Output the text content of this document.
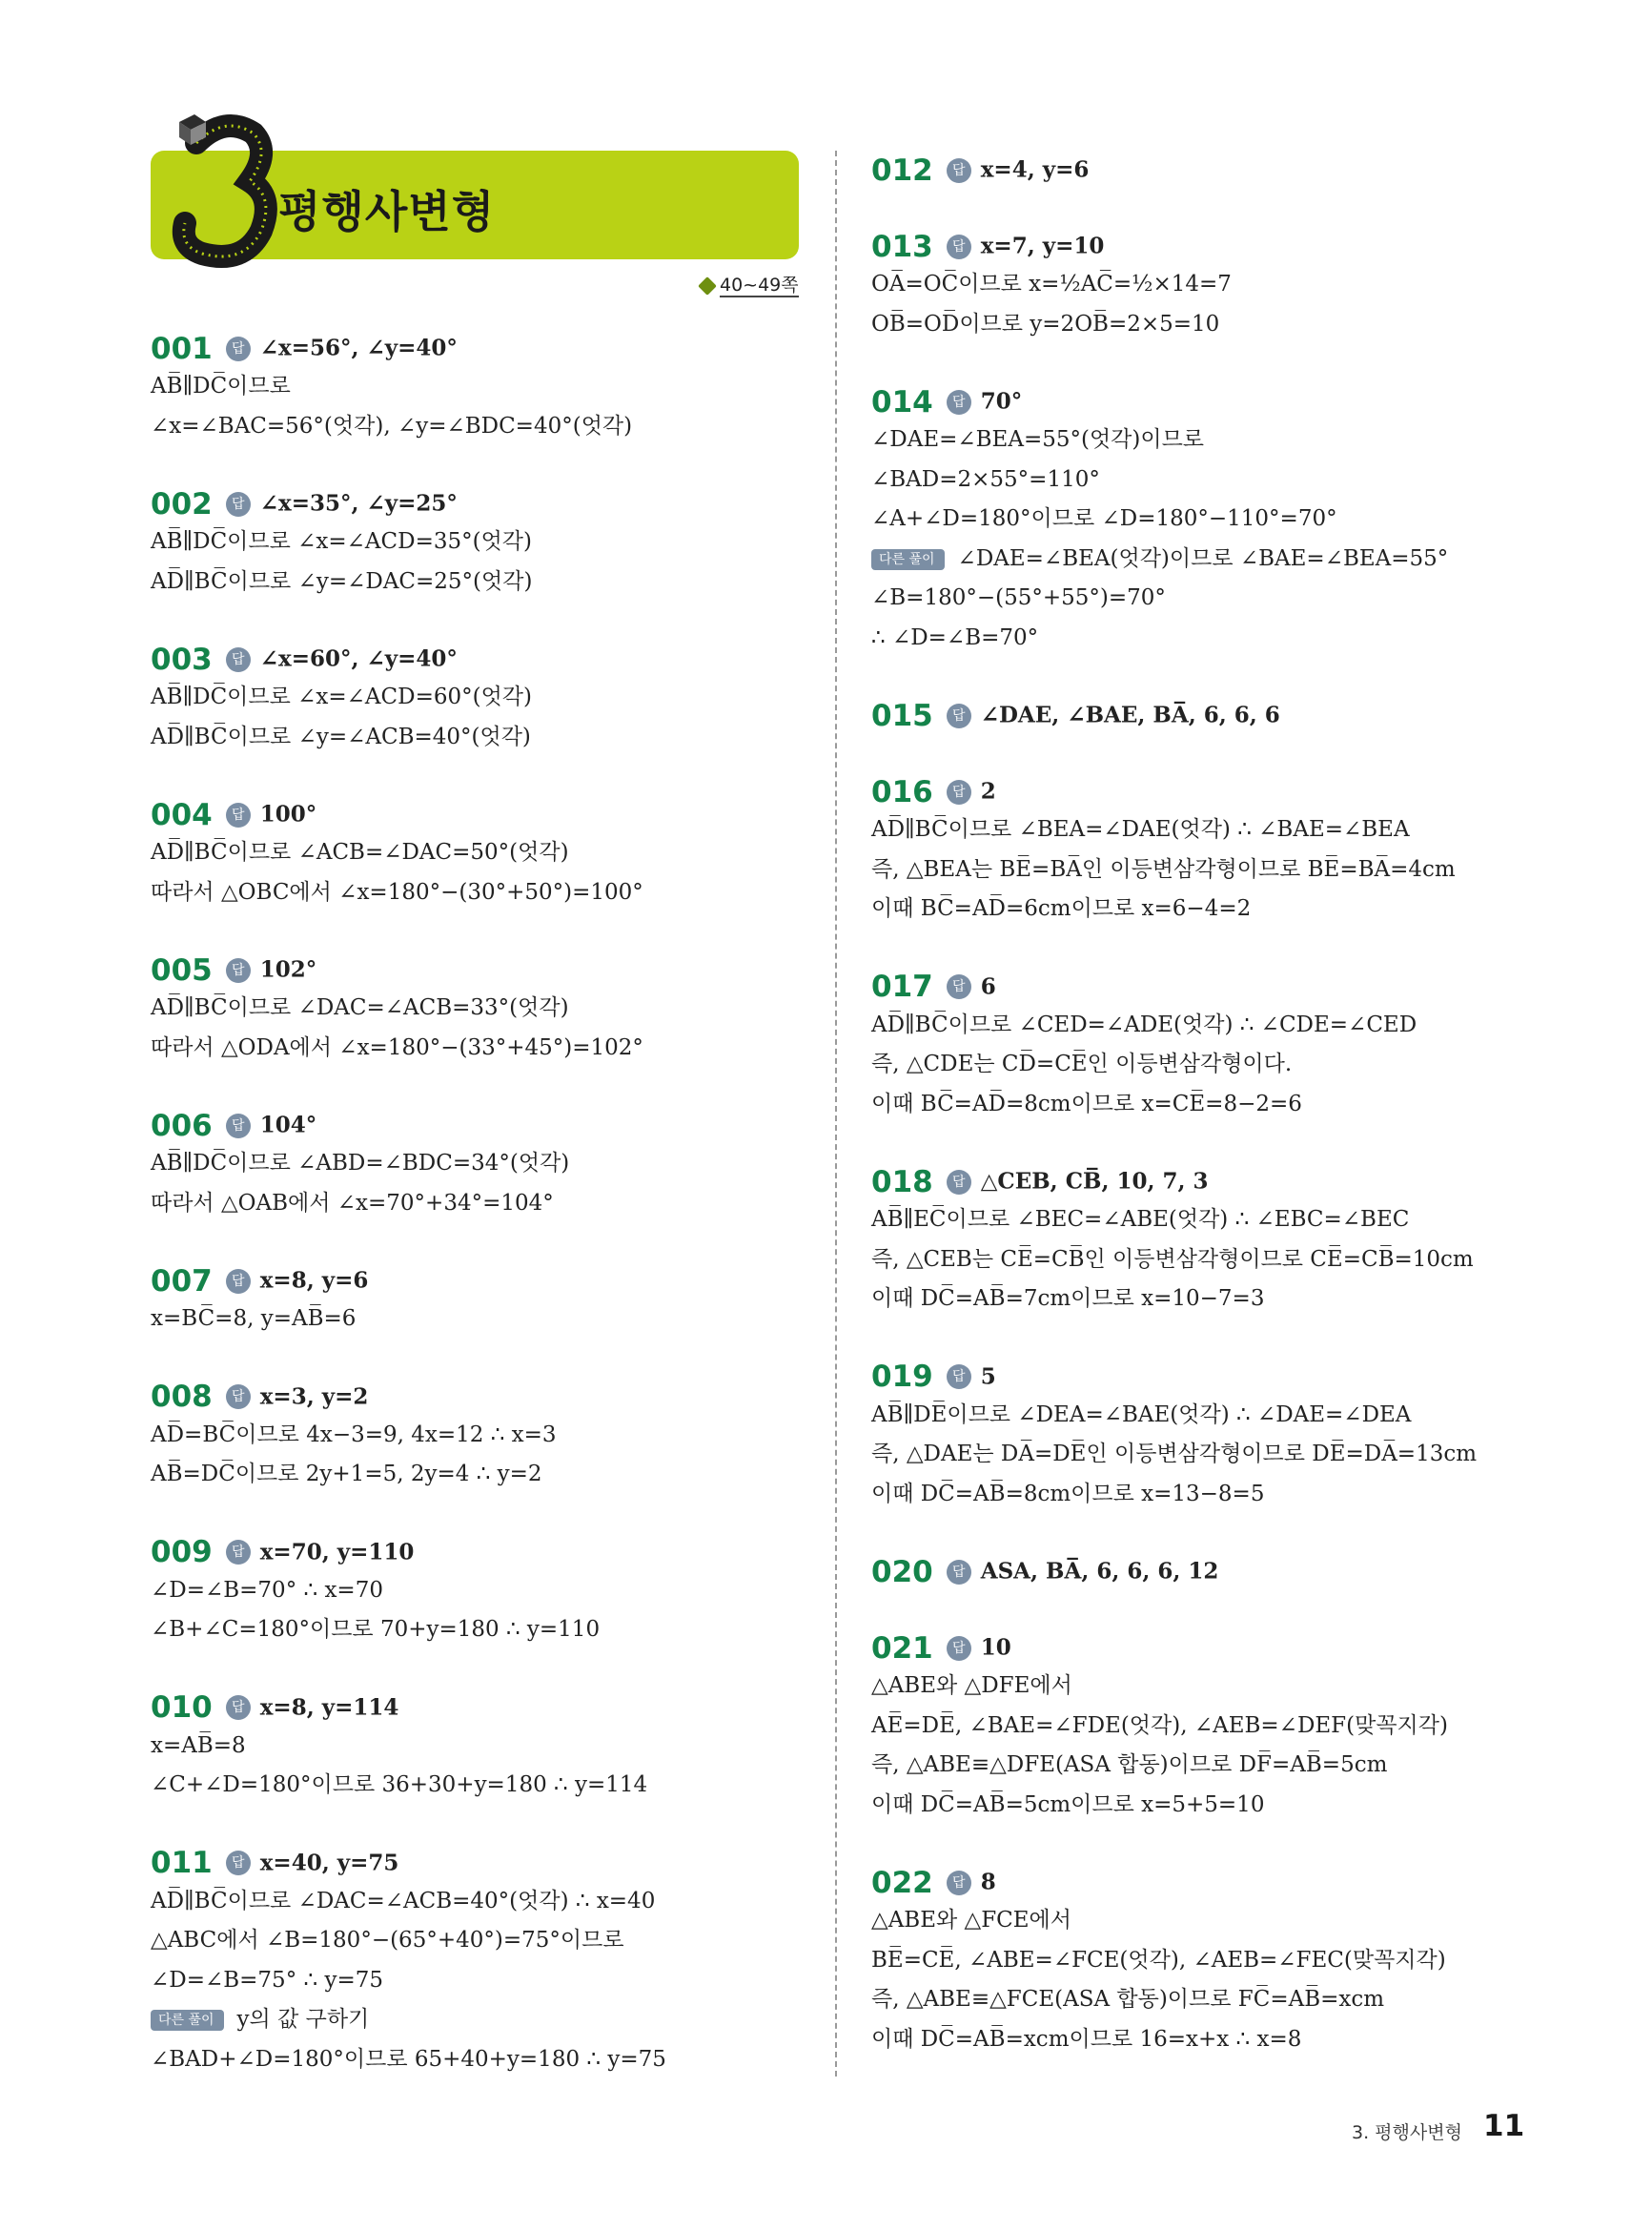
평행사변형
40~49쪽
001 답 ∠x=56°, ∠y=40°
AB̅∥DC̅이므로
∠x=∠BAC=56°(엇각), ∠y=∠BDC=40°(엇각)
002 답 ∠x=35°, ∠y=25°
AB̅∥DC̅이므로 ∠x=∠ACD=35°(엇각)
AD̅∥BC̅이므로 ∠y=∠DAC=25°(엇각)
003 답 ∠x=60°, ∠y=40°
AB̅∥DC̅이므로 ∠x=∠ACD=60°(엇각)
AD̅∥BC̅이므로 ∠y=∠ACB=40°(엇각)
004 답 100°
AD̅∥BC̅이므로 ∠ACB=∠DAC=50°(엇각)
따라서 △OBC에서 ∠x=180°−(30°+50°)=100°
005 답 102°
AD̅∥BC̅이므로 ∠DAC=∠ACB=33°(엇각)
따라서 △ODA에서 ∠x=180°−(33°+45°)=102°
006 답 104°
AB̅∥DC̅이므로 ∠ABD=∠BDC=34°(엇각)
따라서 △OAB에서 ∠x=70°+34°=104°
007 답 x=8, y=6
x=BC̅=8, y=AB̅=6
008 답 x=3, y=2
AD̅=BC̅이므로 4x−3=9, 4x=12 ∴ x=3
AB̅=DC̅이므로 2y+1=5, 2y=4 ∴ y=2
009 답 x=70, y=110
∠D=∠B=70° ∴ x=70
∠B+∠C=180°이므로 70+y=180 ∴ y=110
010 답 x=8, y=114
x=AB̅=8
∠C+∠D=180°이므로 36+30+y=180 ∴ y=114
011 답 x=40, y=75
AD̅∥BC̅이므로 ∠DAC=∠ACB=40°(엇각) ∴ x=40
△ABC에서 ∠B=180°−(65°+40°)=75°이므로
∠D=∠B=75° ∴ y=75
다른 풀이 y의 값 구하기
∠BAD+∠D=180°이므로 65+40+y=180 ∴ y=75
012 답 x=4, y=6
013 답 x=7, y=10
OA̅=OC̅이므로 x=½AC̅=½×14=7
OB̅=OD̅이므로 y=2OB̅=2×5=10
014 답 70°
∠DAE=∠BEA=55°(엇각)이므로
∠BAD=2×55°=110°
∠A+∠D=180°이므로 ∠D=180°−110°=70°
다른 풀이 ∠DAE=∠BEA(엇각)이므로 ∠BAE=∠BEA=55°
∠B=180°−(55°+55°)=70°
∴ ∠D=∠B=70°
015 답 ∠DAE, ∠BAE, BA̅, 6, 6, 6
016 답 2
AD̅∥BC̅이므로 ∠BEA=∠DAE(엇각) ∴ ∠BAE=∠BEA
즉, △BEA는 BE̅=BA̅인 이등변삼각형이므로 BE̅=BA̅=4cm
이때 BC̅=AD̅=6cm이므로 x=6−4=2
017 답 6
AD̅∥BC̅이므로 ∠CED=∠ADE(엇각) ∴ ∠CDE=∠CED
즉, △CDE는 CD̅=CE̅인 이등변삼각형이다.
이때 BC̅=AD̅=8cm이므로 x=CE̅=8−2=6
018 답 △CEB, CB̅, 10, 7, 3
AB̅∥EC̅이므로 ∠BEC=∠ABE(엇각) ∴ ∠EBC=∠BEC
즉, △CEB는 CE̅=CB̅인 이등변삼각형이므로 CE̅=CB̅=10cm
이때 DC̅=AB̅=7cm이므로 x=10−7=3
019 답 5
AB̅∥DE̅이므로 ∠DEA=∠BAE(엇각) ∴ ∠DAE=∠DEA
즉, △DAE는 DA̅=DE̅인 이등변삼각형이므로 DE̅=DA̅=13cm
이때 DC̅=AB̅=8cm이므로 x=13−8=5
020 답 ASA, BA̅, 6, 6, 6, 12
021 답 10
△ABE와 △DFE에서
AE̅=DE̅, ∠BAE=∠FDE(엇각), ∠AEB=∠DEF(맞꼭지각)
즉, △ABE≡△DFE(ASA 합동)이므로 DF̅=AB̅=5cm
이때 DC̅=AB̅=5cm이므로 x=5+5=10
022 답 8
△ABE와 △FCE에서
BE̅=CE̅, ∠ABE=∠FCE(엇각), ∠AEB=∠FEC(맞꼭지각)
즉, △ABE≡△FCE(ASA 합동)이므로 FC̅=AB̅=xcm
이때 DC̅=AB̅=xcm이므로 16=x+x ∴ x=8
3. 평행사변형 11
